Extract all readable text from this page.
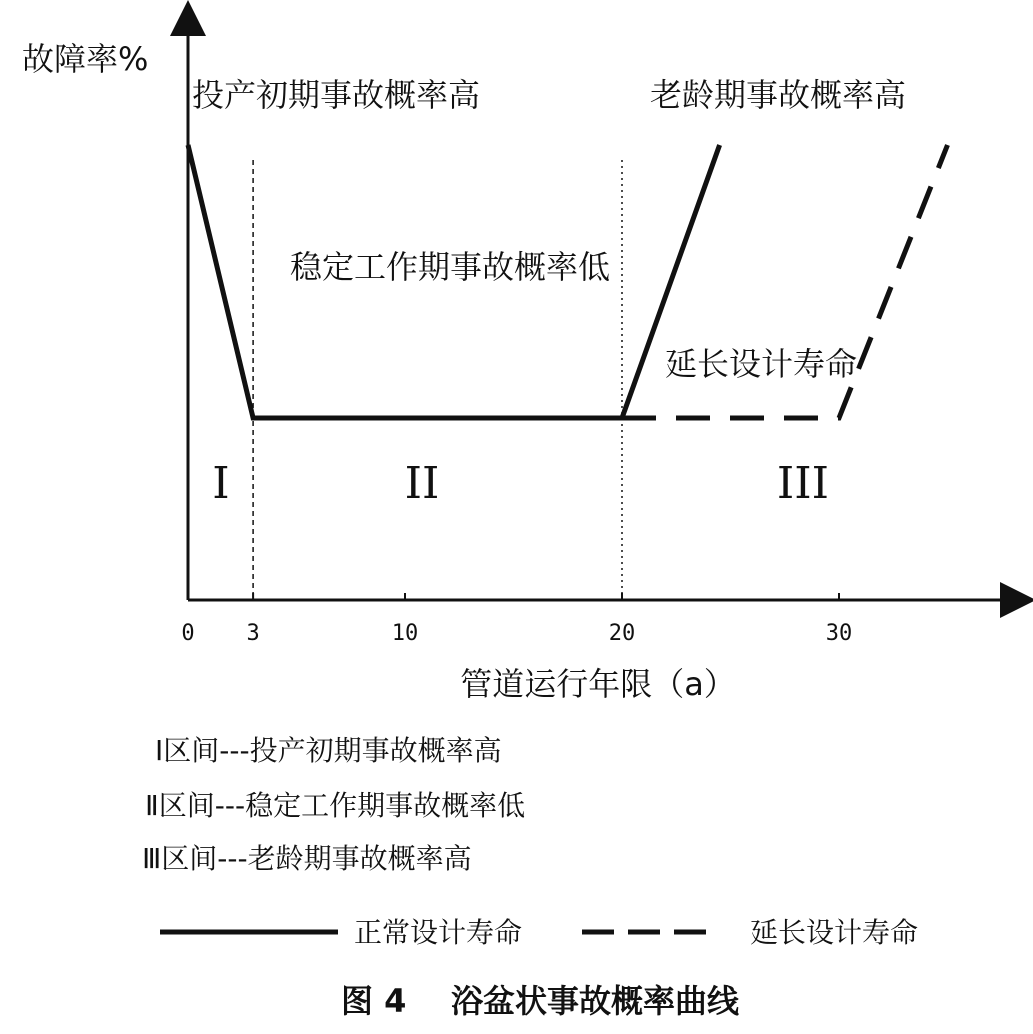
故障率%
管道运行年限（a）
投产初期事故概率高	老龄期事故概率高
稳定工作期事故概率低
延长设计寿命
I	II	III
0 3	10	20	30
Ⅰ区间---投产初期事故概率高
Ⅱ区间---稳定工作期事故概率低
Ⅲ区间---老龄期事故概率高
正常设计寿命	延长设计寿命
图 4    浴盆状事故概率曲线
